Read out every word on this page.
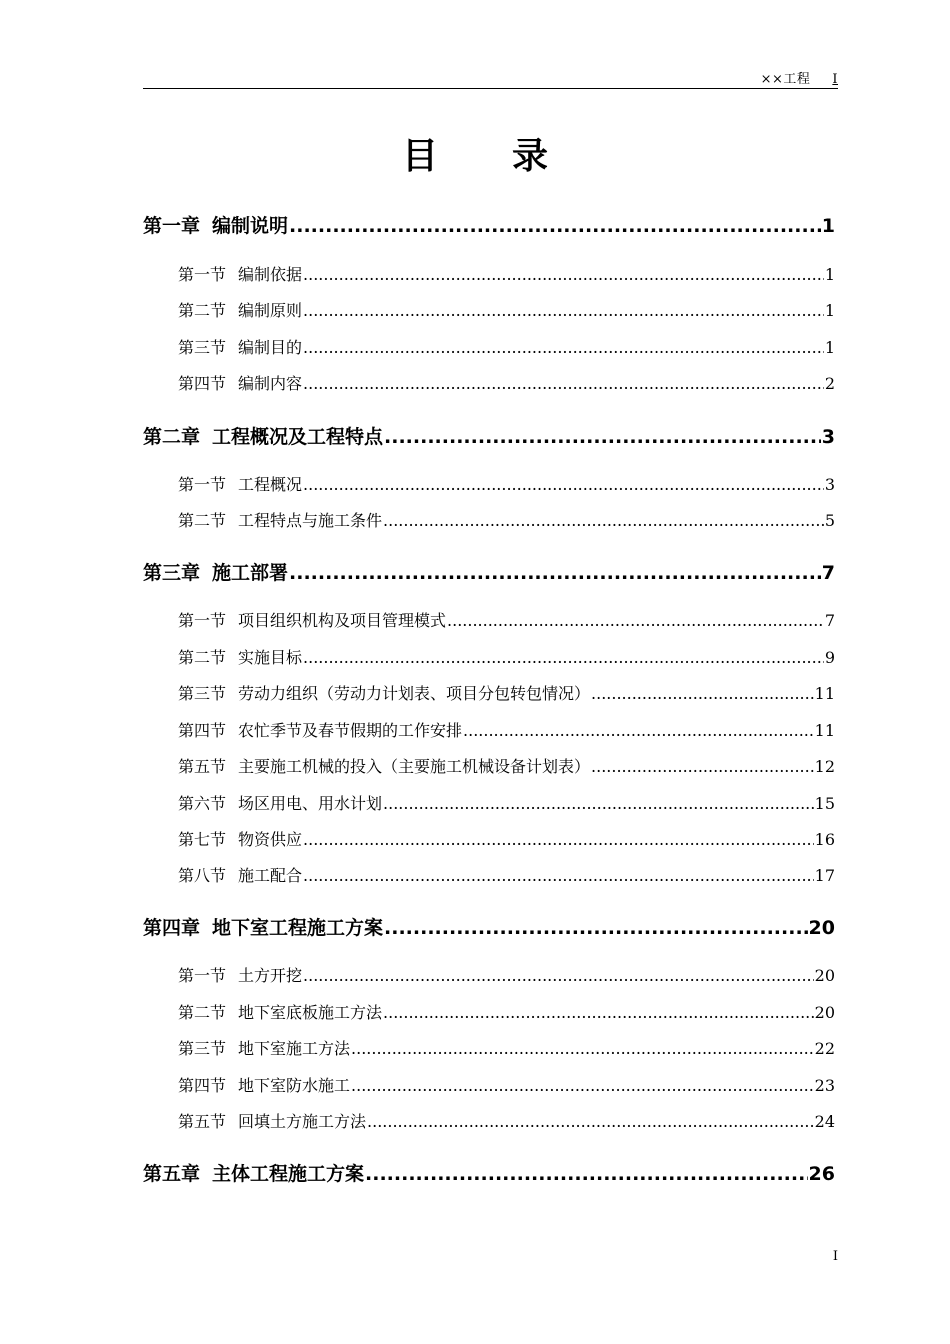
××工程 I
目 录
第一章 编制说明 .....	1
第一节 编制依据 .....	1
第二节 编制原则 .....	1
第三节 编制目的 .....	1
第四节 编制内容 .....	2
第二章 工程概况及工程特点 .....	3
第一节 工程概况 .....	3
第二节 工程特点与施工条件 .....	5
第三章 施工部署 .....	7
第一节 项目组织机构及项目管理模式 .....	7
第二节 实施目标 .....	9
第三节 劳动力组织（劳动力计划表、项目分包转包情况） .....	11
第四节 农忙季节及春节假期的工作安排 .....	11
第五节 主要施工机械的投入（主要施工机械设备计划表） .....	12
第六节 场区用电、用水计划 .....	15
第七节 物资供应 .....	16
第八节 施工配合 .....	17
第四章 地下室工程施工方案 .....	20
第一节 土方开挖 .....	20
第二节 地下室底板施工方法 .....	20
第三节 地下室施工方法 .....	22
第四节 地下室防水施工 .....	23
第五节 回填土方施工方法 .....	24
第五章 主体工程施工方案 .....	26
I
